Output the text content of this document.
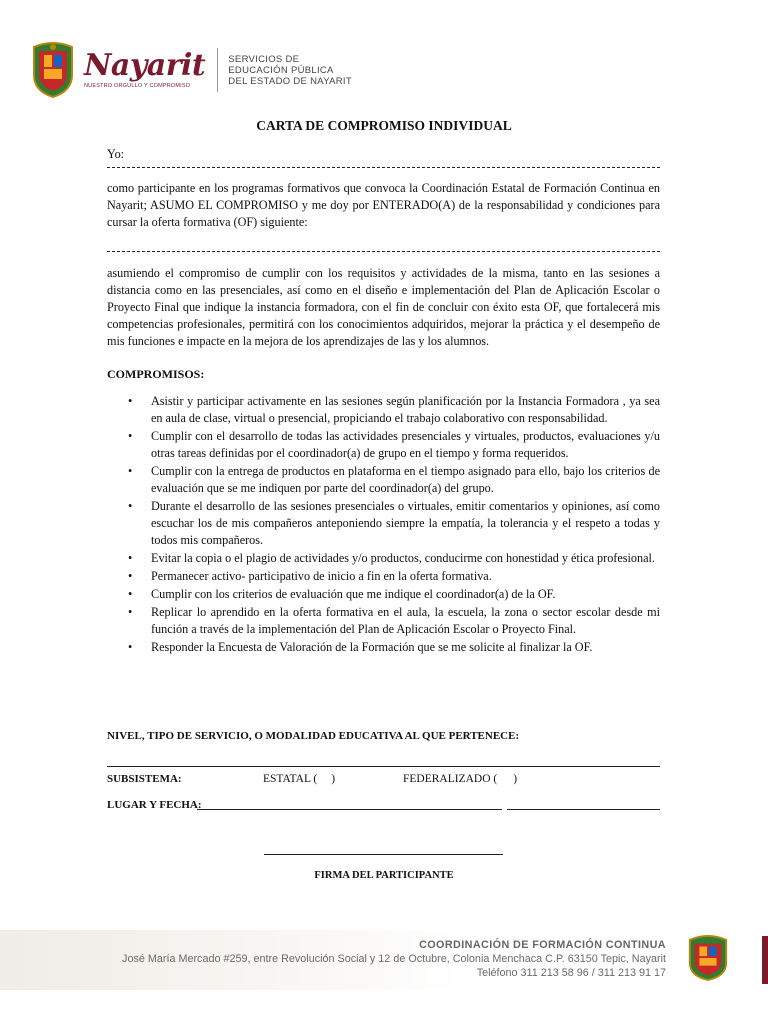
Nayarit
NUESTRO ORGULLO Y COMPROMISO
SERVICIOS DE
EDUCACIÓN PÚBLICA
DEL ESTADO DE NAYARIT
CARTA DE COMPROMISO INDIVIDUAL
Yo:
como participante en los programas formativos que convoca la Coordinación Estatal de Formación Continua en Nayarit; ASUMO EL COMPROMISO y me doy por ENTERADO(A) de la responsabilidad y condiciones para cursar la oferta formativa (OF) siguiente:
asumiendo el compromiso de cumplir con los requisitos y actividades de la misma, tanto en las sesiones a distancia como en las presenciales, así como en el diseño e implementación del Plan de Aplicación Escolar o Proyecto Final que indique la instancia formadora, con el fin de concluir con éxito esta OF, que fortalecerá mis competencias profesionales, permitirá con los conocimientos adquiridos, mejorar la práctica y el desempeño de mis funciones e impacte en la mejora de los aprendizajes de las y los alumnos.
COMPROMISOS:
• Asistir y participar activamente en las sesiones según planificación por la Instancia Formadora , ya sea en aula de clase, virtual o presencial, propiciando el trabajo colaborativo con responsabilidad.
• Cumplir con el desarrollo de todas las actividades presenciales y virtuales, productos, evaluaciones y/u otras tareas definidas por el coordinador(a) de grupo en el tiempo y forma requeridos.
• Cumplir con la entrega de productos en plataforma en el tiempo asignado para ello, bajo los criterios de evaluación que se me indiquen por parte del coordinador(a) del grupo.
• Durante el desarrollo de las sesiones presenciales o virtuales, emitir comentarios y opiniones, así como escuchar los de mis compañeros anteponiendo siempre la empatía, la tolerancia y el respeto a todas y todos mis compañeros.
• Evitar la copia o el plagio de actividades y/o productos, conducirme con honestidad y ética profesional.
• Permanecer activo- participativo de inicio a fin en la oferta formativa.
• Cumplir con los criterios de evaluación que me indique el coordinador(a) de la OF.
• Replicar lo aprendido en la oferta formativa en el aula, la escuela, la zona o sector escolar desde mi función a través de la implementación del Plan de Aplicación Escolar o Proyecto Final.
• Responder la Encuesta de Valoración de la Formación que se me solicite al finalizar la OF.
NIVEL, TIPO DE SERVICIO, O MODALIDAD EDUCATIVA AL QUE PERTENECE:
SUBSISTEMA:	ESTATAL ( )	FEDERALIZADO ( )
LUGAR Y FECHA:
FIRMA DEL PARTICIPANTE
COORDINACIÓN DE FORMACIÓN CONTINUA
José María Mercado #259, entre Revolución Social y 12 de Octubre, Colonia Menchaca C.P. 63150 Tepic, Nayarit
Teléfono 311 213 58 96 / 311 213 91 17
